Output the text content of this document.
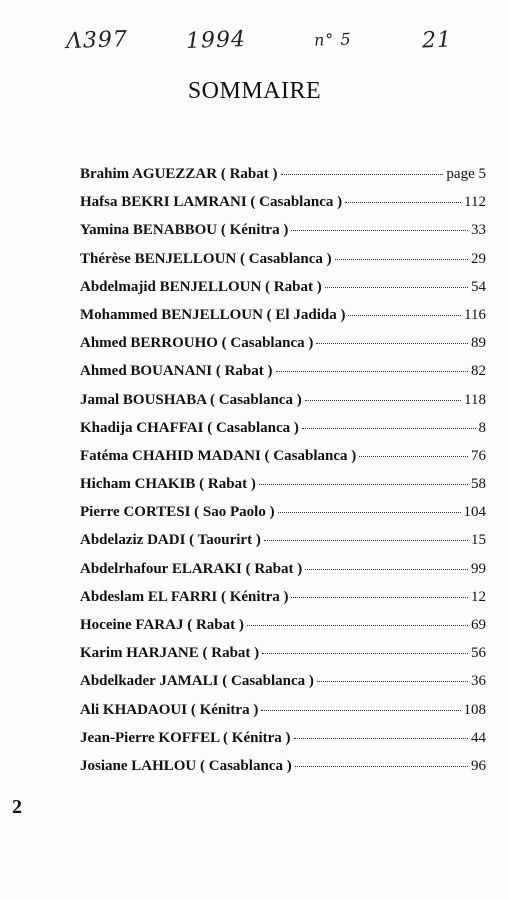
Λ397	1994	n° 5	21
SOMMAIRE
Brahim AGUEZZAR ( Rabat )	page 5
Hafsa BEKRI LAMRANI ( Casablanca )	112
Yamina BENABBOU ( Kénitra )	33
Thérèse BENJELLOUN ( Casablanca )	29
Abdelmajid BENJELLOUN ( Rabat )	54
Mohammed BENJELLOUN ( El Jadida )	116
Ahmed BERROUHO ( Casablanca )	89
Ahmed BOUANANI ( Rabat )	82
Jamal BOUSHABA ( Casablanca )	118
Khadija CHAFFAI ( Casablanca )	8
Fatéma CHAHID MADANI ( Casablanca )	76
Hicham CHAKIB ( Rabat )	58
Pierre CORTESI ( Sao Paolo )	104
Abdelaziz DADI ( Taourirt )	15
Abdelrhafour ELARAKI ( Rabat )	99
Abdeslam EL FARRI ( Kénitra )	12
Hoceine FARAJ ( Rabat )	69
Karim HARJANE ( Rabat )	56
Abdelkader JAMALI ( Casablanca )	36
Ali KHADAOUI ( Kénitra )	108
Jean-Pierre KOFFEL ( Kénitra )	44
Josiane LAHLOU ( Casablanca )	96
2
